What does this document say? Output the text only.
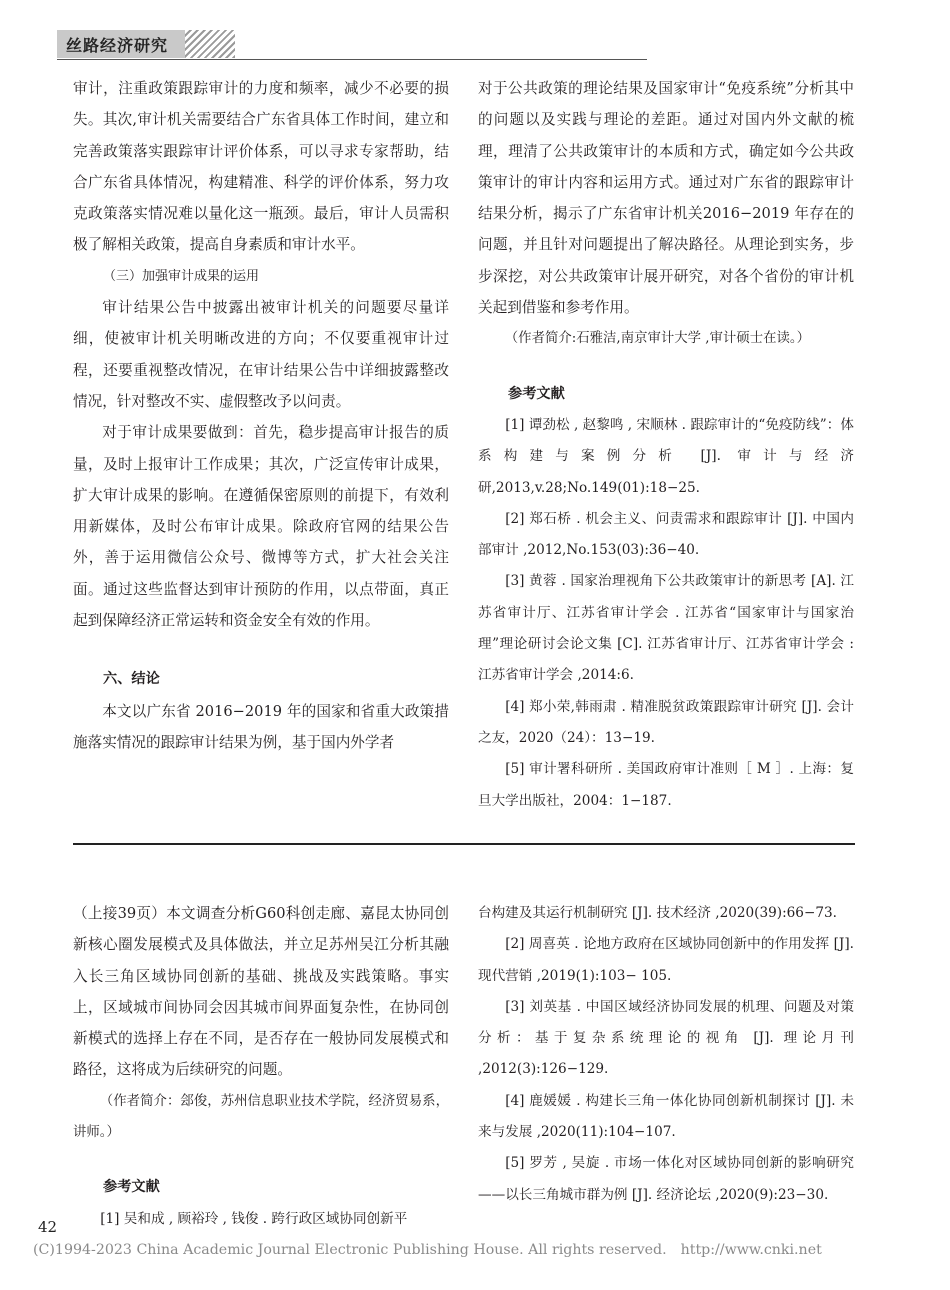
丝路经济研究

审计，注重政策跟踪审计的力度和频率，减少不必要的损失。其次,审计机关需要结合广东省具体工作时间，建立和完善政策落实跟踪审计评价体系，可以寻求专家帮助，结合广东省具体情况，构建精准、科学的评价体系，努力攻克政策落实情况难以量化这一瓶颈。最后，审计人员需积极了解相关政策，提高自身素质和审计水平。

（三）加强审计成果的运用

审计结果公告中披露出被审计机关的问题要尽量详细，使被审计机关明晰改进的方向；不仅要重视审计过程，还要重视整改情况，在审计结果公告中详细披露整改情况，针对整改不实、虚假整改予以问责。

对于审计成果要做到：首先，稳步提高审计报告的质量，及时上报审计工作成果；其次，广泛宣传审计成果，扩大审计成果的影响。在遵循保密原则的前提下，有效利用新媒体，及时公布审计成果。除政府官网的结果公告外，善于运用微信公众号、微博等方式，扩大社会关注面。通过这些监督达到审计预防的作用，以点带面，真正起到保障经济正常运转和资金安全有效的作用。

六、结论

本文以广东省 2016−2019 年的国家和省重大政策措施落实情况的跟踪审计结果为例，基于国内外学者

对于公共政策的理论结果及国家审计“免疫系统”分析其中的问题以及实践与理论的差距。通过对国内外文献的梳理，理清了公共政策审计的本质和方式，确定如今公共政策审计的审计内容和运用方式。通过对广东省的跟踪审计结果分析，揭示了广东省审计机关2016−2019 年存在的问题，并且针对问题提出了解决路径。从理论到实务，步步深挖，对公共政策审计展开研究，对各个省份的审计机关起到借鉴和参考作用。

（作者简介:石雅洁,南京审计大学 ,审计硕士在读。）

参考文献

[1] 谭劲松 , 赵黎鸣 , 宋顺林 . 跟踪审计的“免疫防线”：体系构建与案例分析 [J]. 审计与经济研,2013,v.28;No.149(01):18−25.

[2] 郑石桥 . 机会主义、问责需求和跟踪审计 [J]. 中国内部审计 ,2012,No.153(03):36−40.

[3] 黄蓉 . 国家治理视角下公共政策审计的新思考 [A]. 江苏省审计厅、江苏省审计学会 . 江苏省“国家审计与国家治理”理论研讨会论文集 [C]. 江苏省审计厅、江苏省审计学会 : 江苏省审计学会 ,2014:6.

[4] 郑小荣,韩雨肃 . 精准脱贫政策跟踪审计研究 [J]. 会计之友，2020（24）：13−19.

[5] 审计署科研所 . 美国政府审计准则［ M ］. 上海：复旦大学出版社，2004：1−187.

（上接39页）本文调查分析G60科创走廊、嘉昆太协同创新核心圈发展模式及具体做法，并立足苏州吴江分析其融入长三角区域协同创新的基础、挑战及实践策略。事实上，区域城市间协同会因其城市间界面复杂性，在协同创新模式的选择上存在不同，是否存在一般协同发展模式和路径，这将成为后续研究的问题。

（作者简介：郐俊，苏州信息职业技术学院，经济贸易系，讲师。）

参考文献

[1] 吴和成 , 顾裕玲 , 钱俊 . 跨行政区域协同创新平

台构建及其运行机制研究 [J]. 技术经济 ,2020(39):66−73.

[2] 周喜英 . 论地方政府在区域协同创新中的作用发挥 [J]. 现代营销 ,2019(1):103− 105.

[3] 刘英基 . 中国区域经济协同发展的机理、问题及对策分析：基于复杂系统理论的视角 [J]. 理论月刊 ,2012(3):126−129.

[4] 鹿媛媛 . 构建长三角一体化协同创新机制探讨 [J]. 未来与发展 ,2020(11):104−107.

[5] 罗芳 , 吴旋 . 市场一体化对区域协同创新的影响研究——以长三角城市群为例 [J]. 经济论坛 ,2020(9):23−30.

42
(C)1994-2023 China Academic Journal Electronic Publishing House. All rights reserved. http://www.cnki.net
